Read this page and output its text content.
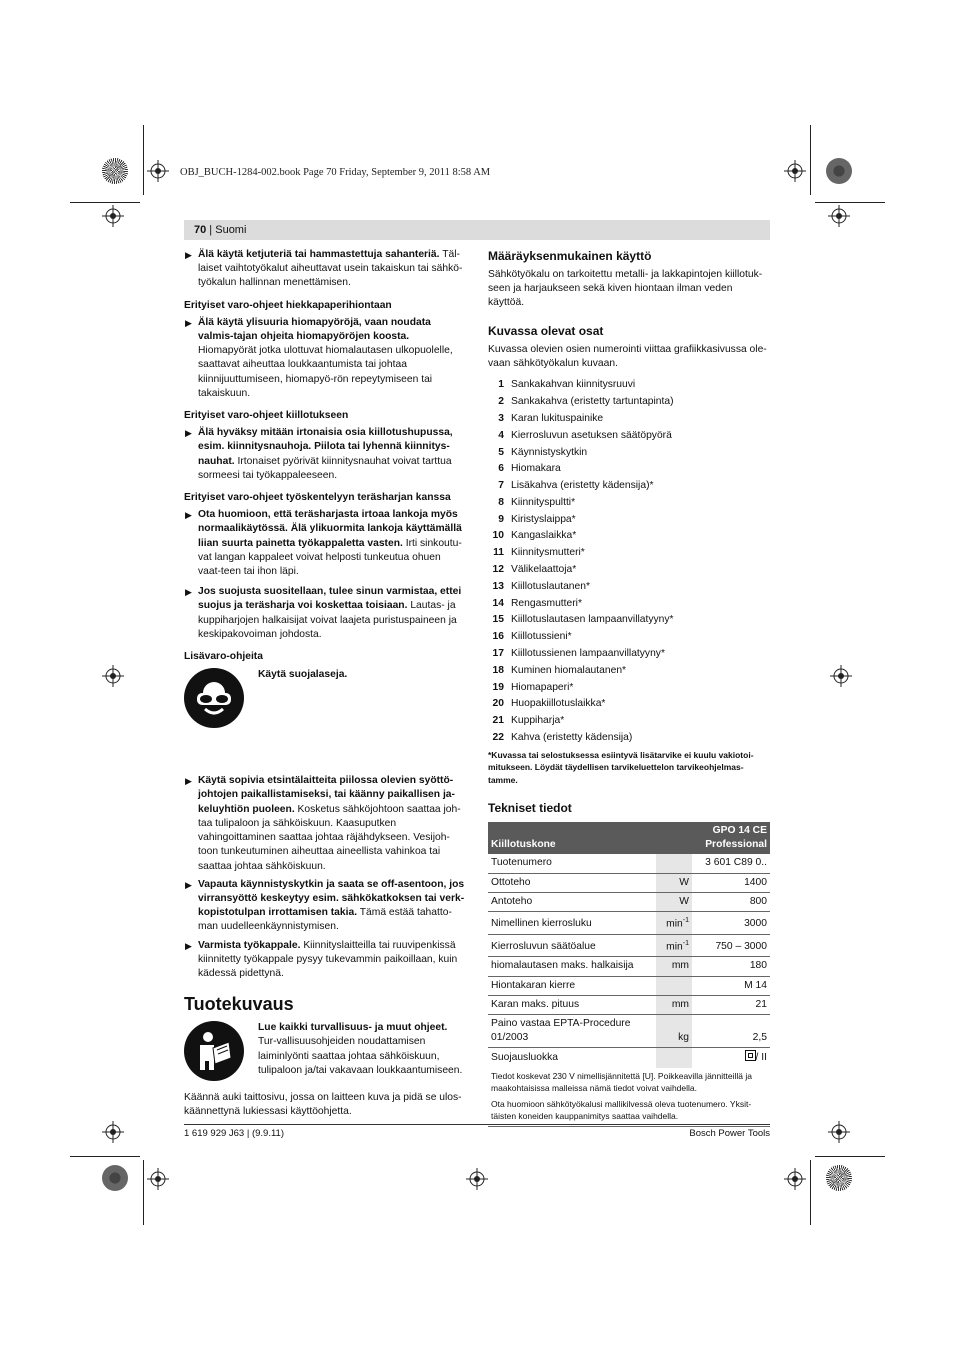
OBJ_BUCH-1284-002.book Page 70 Friday, September 9, 2011 8:58 AM
70 | Suomi
▶ Älä käytä ketjuteriä tai hammastettuja sahanteriä. Täl-laiset vaihtotyökalut aiheuttavat usein takaiskun tai sähkö-työkalun hallinnan menettämisen.
Erityiset varo-ohjeet hiekkapaperihiontaan
▶ Älä käytä ylisuuria hiomapyöröjä, vaan noudata valmis-tajan ohjeita hiomapyöröjen koosta. Hiomapyörät jotka ulottuvat hiomalautasen ulkopuolelle, saattavat aiheuttaa loukkaantumista tai johtaa kiinnijuuttumiseen, hiomapyö-rön repeytymiseen tai takaiskuun.
Erityiset varo-ohjeet kiillotukseen
▶ Älä hyväksy mitään irtonaisia osia kiillotushupussa, esim. kiinnitysnauhoja. Piilota tai lyhennä kiinnitys-nauhat. Irtonaiset pyörivät kiinnitysnauhat voivat tarttua sormeesi tai työkappaleeseen.
Erityiset varo-ohjeet työskentelyyn teräsharjan kanssa
▶ Ota huomioon, että teräsharjasta irtoaa lankoja myös normaalikäytössä. Älä ylikuormita lankoja käyttämällä liian suurta painetta työkappaletta vasten. Irti sinkoutu-vat langan kappaleet voivat helposti tunkeutua ohuen vaat-teen tai ihon läpi.
▶ Jos suojusta suositellaan, tulee sinun varmistaa, ettei suojus ja teräsharja voi koskettaa toisiaan. Lautas- ja kuppiharjojen halkaisijat voivat laajeta puristuspaineen ja keskipakovoiman johdosta.
Lisävaro-ohjeita
Käytä suojalaseja.
▶ Käytä sopivia etsintälaitteita piilossa olevien syöttö-johtojen paikallistamiseksi, tai käänny paikallisen ja-keluyhtiön puoleen. Kosketus sähköjohtoon saattaa joh-taa tulipaloon ja sähköiskuun. Kaasuputken vahingoittaminen saattaa johtaa räjähdykseen. Vesijoh-toon tunkeutuminen aiheuttaa aineellista vahinkoa tai saattaa johtaa sähköiskuun.
▶ Vapauta käynnistyskytkin ja saata se off-asentoon, jos virransyöttö keskeytyy esim. sähkökatkoksen tai verk-kopistotulpan irrottamisen takia. Tämä estää tahatto-man uudelleenkäynnistymisen.
▶ Varmista työkappale. Kiinnityslaitteilla tai ruuvipenkissä kiinnitetty työkappale pysyy tukevammin paikoillaan, kuin kädessä pidettynä.
Tuotekuvaus
Lue kaikki turvallisuus- ja muut ohjeet. Tur-vallisuusohjeiden noudattamisen laiminlyönti saattaa johtaa sähköiskuun, tulipaloon ja/tai vakavaan loukkaantumiseen.
Käännä auki taittosivu, jossa on laitteen kuva ja pidä se ulos-käännettynä lukiessasi käyttöohjetta.
Määräyksenmukainen käyttö
Sähkötyökalu on tarkoitettu metalli- ja lakkapintojen kiillotuk-seen ja harjaukseen sekä kiven hiontaan ilman veden käyttöä.
Kuvassa olevat osat
Kuvassa olevien osien numerointi viittaa grafiikkasivussa ole-vaan sähkötyökalun kuvaan.
1 Sankakahvan kiinnitysruuvi
2 Sankakahva (eristetty tartuntapinta)
3 Karan lukituspainike
4 Kierrosluvun asetuksen säätöpyörä
5 Käynnistyskytkin
6 Hiomakara
7 Lisäkahva (eristetty kädensija)*
8 Kiinnityspultti*
9 Kiristyslaippa*
10 Kangaslaikka*
11 Kiinnitysmutteri*
12 Välikelaattoja*
13 Kiillotuslautanen*
14 Rengasmutteri*
15 Kiillotuslautasen lampaanvillatyyny*
16 Kiillotussieni*
17 Kiillotussienen lampaanvillatyyny*
18 Kuminen hiomalautanen*
19 Hiomapaperi*
20 Huopakiillotuslaikka*
21 Kuppiharja*
22 Kahva (eristetty kädensija)
*Kuvassa tai selostuksessa esiintyvä lisätarvike ei kuulu vakiotoi-mitukseen. Löydät täydellisen tarvikeluettelon tarvikeohjelmas-tamme.
Tekniset tiedot
Kiillotuskone		GPO 14 CE
Professional

Tuotenumero		3 601 C89 0..
Ottoteho	W	1400
Antoteho	W	800
Nimellinen kierrosluku	$\min^{-1}$	3000
Kierrosluvun säätöalue	$\min^{-1}$	750 – 3000
hiomalautasen maks. halkaisija	mm	180
Hiontakaran kierre		M 14
Karan maks. pituus	mm	21
Paino vastaa EPTA-Procedure 01/2003	kg	2,5
Suojausluokka		/ II
Tiedot koskevat 230 V nimellisjännitettä [U]. Poikkeavilla jännitteillä ja maakohtaisissa malleissa nämä tiedot voivat vaihdella.
Ota huomioon sähkötyökalusi mallikilvessä oleva tuotenumero. Yksit-täisten koneiden kauppanimitys saattaa vaihdella.
1 619 929 J63 | (9.9.11)	Bosch Power Tools
